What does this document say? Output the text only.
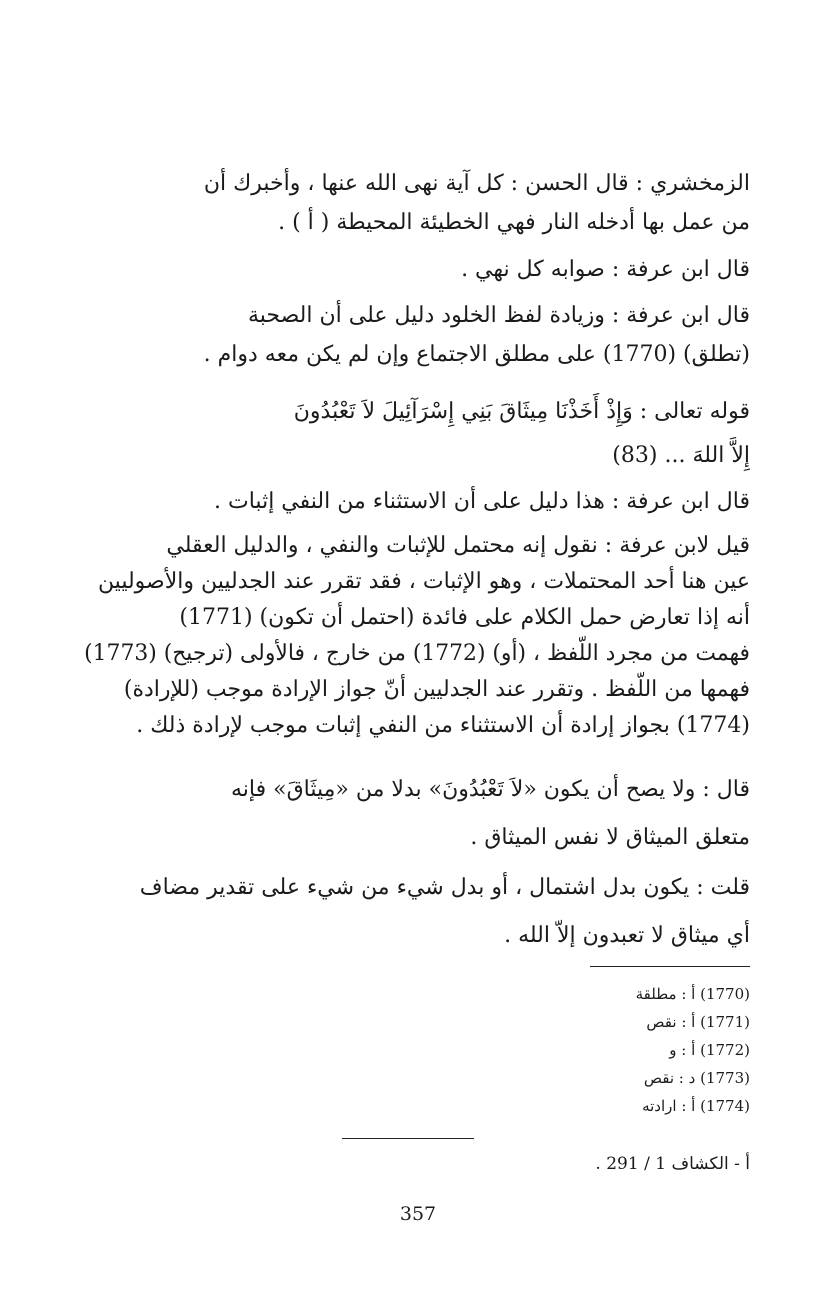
الزمخشري : قال الحسن : كل آية نهى الله عنها ، وأخبرك أن
من عمل بها أدخله النار فهي الخطيئة المحيطة ( أ ) .
قال ابن عرفة : صوابه كل نهي .
قال ابن عرفة : وزيادة لفظ الخلود دليل على أن الصحبة
(تطلق) (1770) على مطلق الاجتماع وإن لم يكن معه دوام .
قوله تعالى : وَإِذْ أَخَذْنَا مِيثَاقَ بَنِي إِسْرَآئِيلَ لاَ تَعْبُدُونَ
إِلاَّ اللهَ ... (83)
قال ابن عرفة : هذا دليل على أن الاستثناء من النفي إثبات .
قيل لابن عرفة : نقول إنه محتمل للإثبات والنفي ، والدليل العقلي
عين هنا أحد المحتملات ، وهو الإثبات ، فقد تقرر عند الجدليين والأصوليين
أنه إذا تعارض حمل الكلام على فائدة (احتمل أن تكون) (1771)
فهمت من مجرد اللّفظ ، (أو) (1772) من خارج ، فالأولى (ترجيح) (1773)
فهمها من اللّفظ . وتقرر عند الجدليين أنّ جواز الإرادة موجب (للإرادة)
(1774) بجواز إرادة أن الاستثناء من النفي إثبات موجب لإرادة ذلك .
قال : ولا يصح أن يكون «لاَ تَعْبُدُونَ» بدلا من «مِيثَاقَ» فإنه
متعلق الميثاق لا نفس الميثاق .
قلت : يكون بدل اشتمال ، أو بدل شيء من شيء على تقدير مضاف
أي ميثاق لا تعبدون إلاّ الله .
(1770) أ : مطلقة
(1771) أ : نقص
(1772) أ : و
(1773) د : نقص
(1774) أ : ارادته
أ - الكشاف 1 / 291 .
357
